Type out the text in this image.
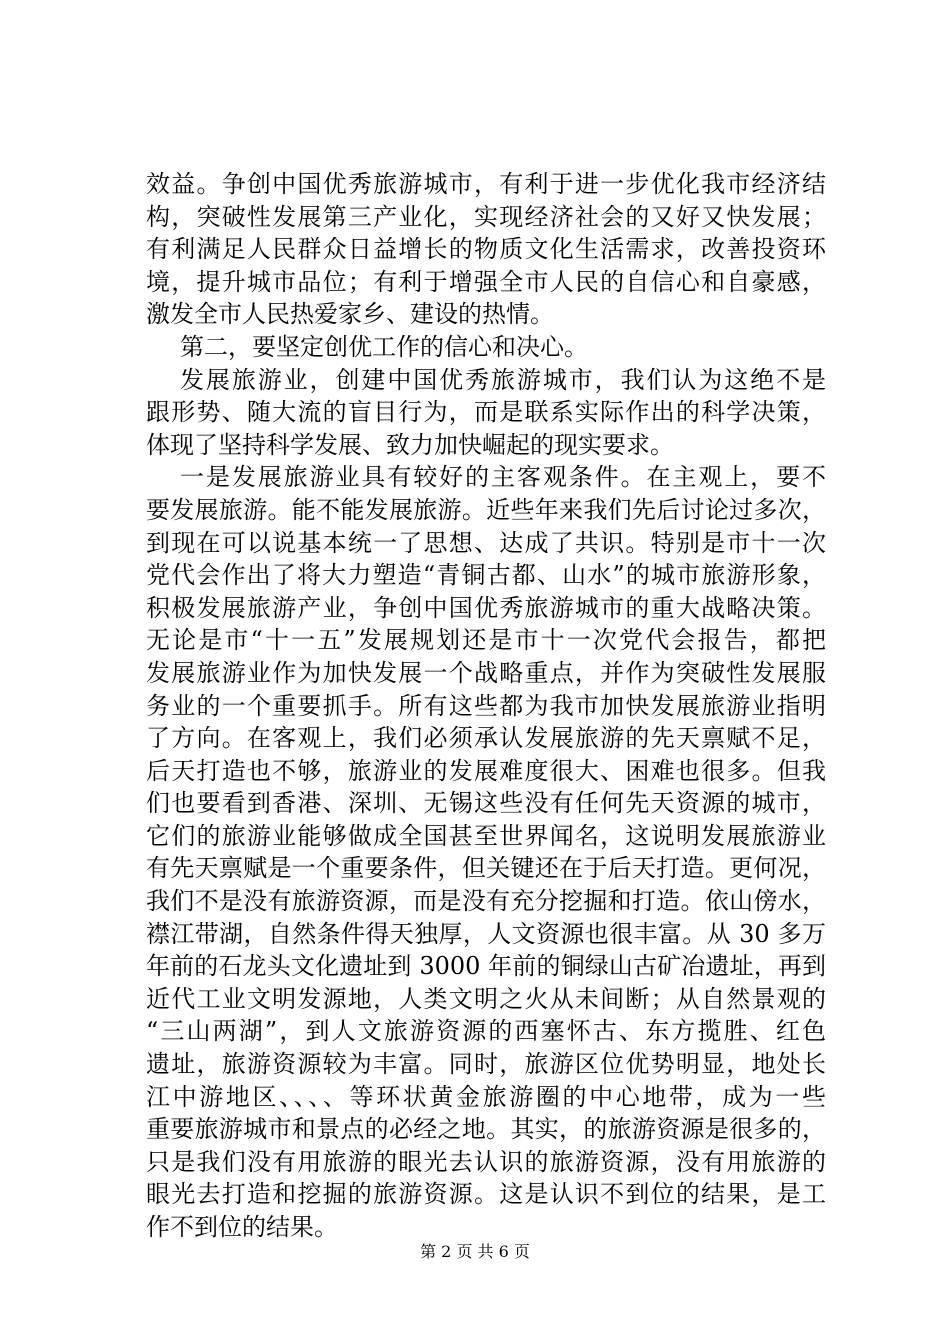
效益。争创中国优秀旅游城市，有利于进一步优化我市经济结
构，突破性发展第三产业化，实现经济社会的又好又快发展；
有利满足人民群众日益增长的物质文化生活需求，改善投资环
境，提升城市品位；有利于增强全市人民的自信心和自豪感，
激发全市人民热爱家乡、建设的热情。
第二，要坚定创优工作的信心和决心。
发展旅游业，创建中国优秀旅游城市，我们认为这绝不是
跟形势、随大流的盲目行为，而是联系实际作出的科学决策，
体现了坚持科学发展、致力加快崛起的现实要求。
一是发展旅游业具有较好的主客观条件。在主观上，要不
要发展旅游。能不能发展旅游。近些年来我们先后讨论过多次，
到现在可以说基本统一了思想、达成了共识。特别是市十一次
党代会作出了将大力塑造“青铜古都、山水”的城市旅游形象，
积极发展旅游产业，争创中国优秀旅游城市的重大战略决策。
无论是市“十一五”发展规划还是市十一次党代会报告，都把
发展旅游业作为加快发展一个战略重点，并作为突破性发展服
务业的一个重要抓手。所有这些都为我市加快发展旅游业指明
了方向。在客观上，我们必须承认发展旅游的先天禀赋不足，
后天打造也不够，旅游业的发展难度很大、困难也很多。但我
们也要看到香港、深圳、无锡这些没有任何先天资源的城市，
它们的旅游业能够做成全国甚至世界闻名，这说明发展旅游业
有先天禀赋是一个重要条件，但关键还在于后天打造。更何况，
我们不是没有旅游资源，而是没有充分挖掘和打造。依山傍水，
襟江带湖，自然条件得天独厚，人文资源也很丰富。从 30 多万
年前的石龙头文化遗址到 3000 年前的铜绿山古矿冶遗址，再到
近代工业文明发源地，人类文明之火从未间断；从自然景观的
“三山两湖”，到人文旅游资源的西塞怀古、东方揽胜、红色
遗址，旅游资源较为丰富。同时，旅游区位优势明显，地处长
江中游地区、、、、等环状黄金旅游圈的中心地带，成为一些
重要旅游城市和景点的必经之地。其实，的旅游资源是很多的，
只是我们没有用旅游的眼光去认识的旅游资源，没有用旅游的
眼光去打造和挖掘的旅游资源。这是认识不到位的结果，是工
作不到位的结果。
第 2 页 共 6 页
